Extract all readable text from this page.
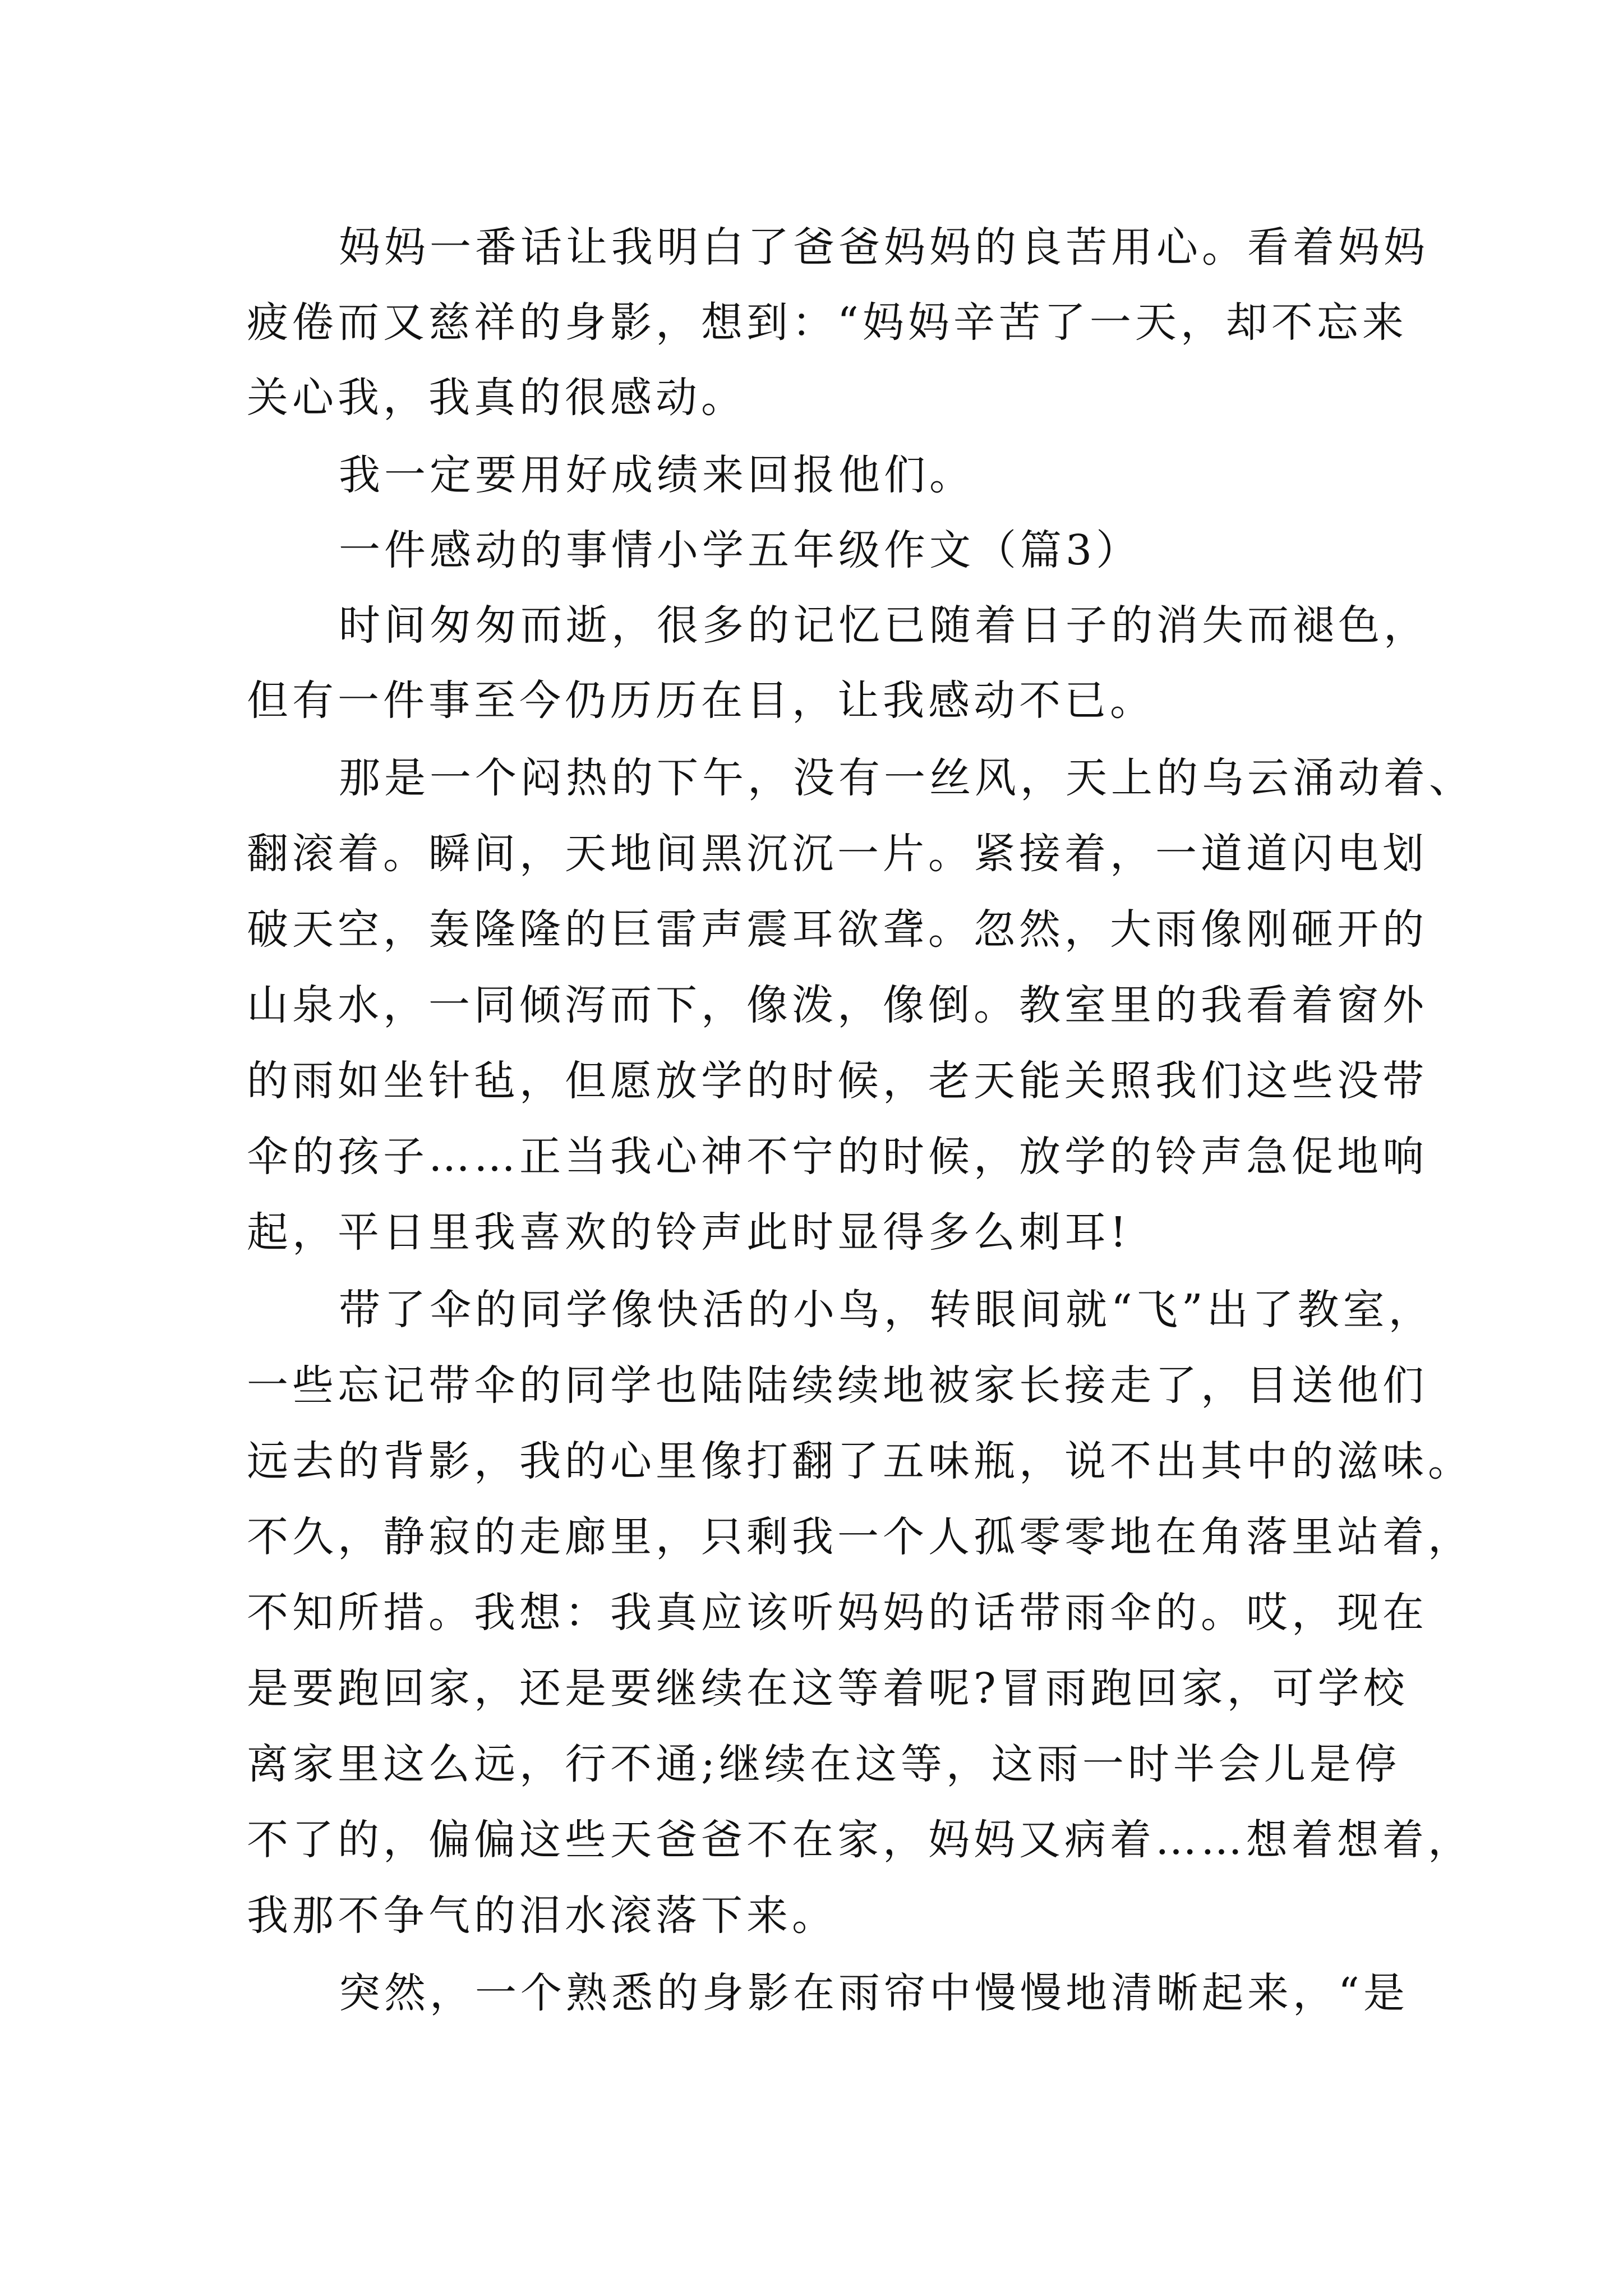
妈妈一番话让我明白了爸爸妈妈的良苦用心。看着妈妈

疲倦而又慈祥的身影，想到：“妈妈辛苦了一天，却不忘来

关心我，我真的很感动。

我一定要用好成绩来回报他们。

一件感动的事情小学五年级作文（篇3）

时间匆匆而逝，很多的记忆已随着日子的消失而褪色，

但有一件事至今仍历历在目，让我感动不已。

那是一个闷热的下午，没有一丝风，天上的乌云涌动着、

翻滚着。瞬间，天地间黑沉沉一片。紧接着，一道道闪电划

破天空，轰隆隆的巨雷声震耳欲聋。忽然，大雨像刚砸开的

山泉水，一同倾泻而下，像泼，像倒。教室里的我看着窗外

的雨如坐针毡，但愿放学的时候，老天能关照我们这些没带

伞的孩子……正当我心神不宁的时候，放学的铃声急促地响

起，平日里我喜欢的铃声此时显得多么刺耳!

带了伞的同学像快活的小鸟，转眼间就“飞”出了教室，

一些忘记带伞的同学也陆陆续续地被家长接走了，目送他们

远去的背影，我的心里像打翻了五味瓶，说不出其中的滋味。

不久，静寂的走廊里，只剩我一个人孤零零地在角落里站着，

不知所措。我想：我真应该听妈妈的话带雨伞的。哎，现在

是要跑回家，还是要继续在这等着呢?冒雨跑回家，可学校

离家里这么远，行不通;继续在这等，这雨一时半会儿是停

不了的，偏偏这些天爸爸不在家，妈妈又病着……想着想着，

我那不争气的泪水滚落下来。

突然，一个熟悉的身影在雨帘中慢慢地清晰起来，“是
